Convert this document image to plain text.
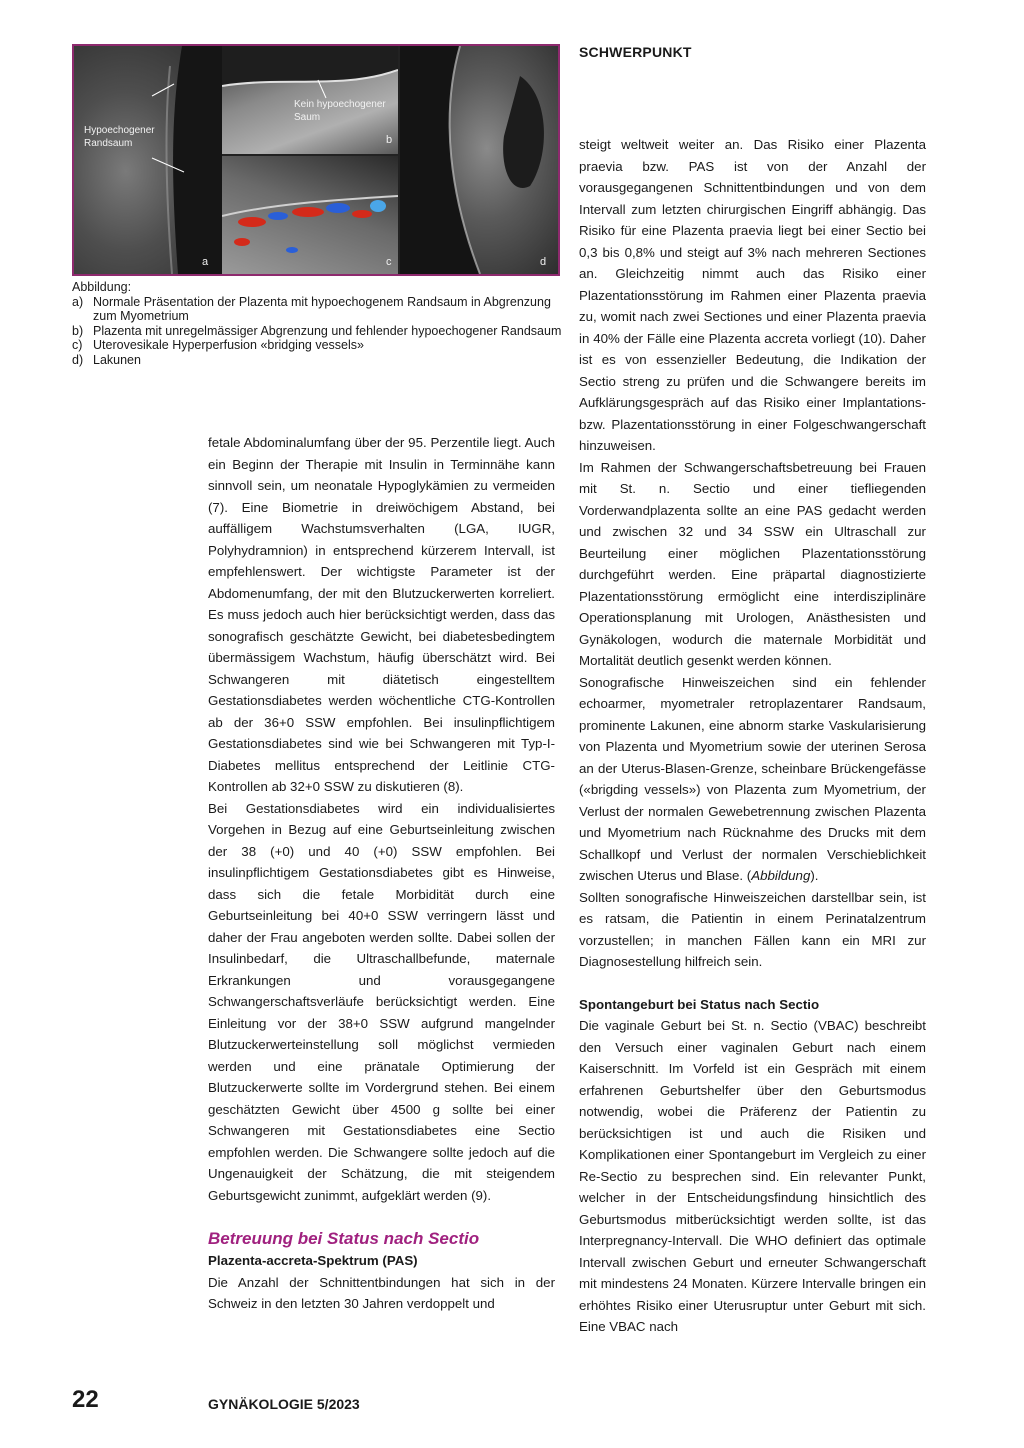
Hypoechogener
Randsaum
a
Kein hypoechogener
Saum
b
c	d

Abbildung:

a) Normale Präsentation der Plazenta mit hypoechogenem Randsaum in Abgrenzung zum Myometrium
b) Plazenta mit unregelmässiger Abgrenzung und fehlender hypoechogener Randsaum
c) Uterovesikale Hyperperfusion «bridging vessels»
d) Lakunen
SCHWERPUNKT

fetale Abdominalumfang über der 95. Perzentile liegt. Auch ein Beginn der Therapie mit Insulin in Terminnähe kann sinnvoll sein, um neonatale Hypoglykämien zu vermeiden (7). Eine Biometrie in dreiwöchigem Abstand, bei auffälligem Wachstumsverhalten (LGA, IUGR, Polyhydramnion) in entsprechend kürzerem Intervall, ist empfehlenswert. Der wichtigste Parameter ist der Abdomenumfang, der mit den Blutzuckerwerten korreliert. Es muss jedoch auch hier berücksichtigt werden, dass das sonografisch geschätzte Gewicht, bei diabetesbedingtem übermässigem Wachstum, häufig überschätzt wird. Bei Schwangeren mit diätetisch eingestelltem Gestationsdiabetes werden wöchentliche CTG-Kontrollen ab der 36+0 SSW empfohlen. Bei insulinpflichtigem Gestationsdiabetes sind wie bei Schwangeren mit Typ-I-Diabetes mellitus entsprechend der Leitlinie CTG-Kontrollen ab 32+0 SSW zu diskutieren (8).

Bei Gestationsdiabetes wird ein individualisiertes Vorgehen in Bezug auf eine Geburtseinleitung zwischen der 38 (+0) und 40 (+0) SSW empfohlen. Bei insulinpflichtigem Gestationsdiabetes gibt es Hinweise, dass sich die fetale Morbidität durch eine Geburtseinleitung bei 40+0 SSW verringern lässt und daher der Frau angeboten werden sollte. Dabei sollen der Insulinbedarf, die Ultraschallbefunde, maternale Erkrankungen und vorausgegangene Schwangerschaftsverläufe berücksichtigt werden. Eine Einleitung vor der 38+0 SSW aufgrund mangelnder Blutzuckerwerteinstellung soll möglichst vermieden werden und eine pränatale Optimierung der Blutzuckerwerte sollte im Vordergrund stehen. Bei einem geschätzten Gewicht über 4500 g sollte bei einer Schwangeren mit Gestationsdiabetes eine Sectio empfohlen werden. Die Schwangere sollte jedoch auf die Ungenauigkeit der Schätzung, die mit steigendem Geburtsgewicht zunimmt, aufgeklärt werden (9).

Betreuung bei Status nach Sectio

Plazenta-accreta-Spektrum (PAS)

Die Anzahl der Schnittentbindungen hat sich in der Schweiz in den letzten 30 Jahren verdoppelt und

steigt weltweit weiter an. Das Risiko einer Plazenta praevia bzw. PAS ist von der Anzahl der vorausgegangenen Schnittentbindungen und von dem Intervall zum letzten chirurgischen Eingriff abhängig. Das Risiko für eine Plazenta praevia liegt bei einer Sectio bei 0,3 bis 0,8% und steigt auf 3% nach mehreren Sectiones an. Gleichzeitig nimmt auch das Risiko einer Plazentationsstörung im Rahmen einer Plazenta praevia zu, womit nach zwei Sectiones und einer Plazenta praevia in 40% der Fälle eine Plazenta accreta vorliegt (10). Daher ist es von essenzieller Bedeutung, die Indikation der Sectio streng zu prüfen und die Schwangere bereits im Aufklärungsgespräch auf das Risiko einer Implantations- bzw. Plazentationsstörung in einer Folgeschwangerschaft hinzuweisen.

Im Rahmen der Schwangerschaftsbetreuung bei Frauen mit St. n. Sectio und einer tiefliegenden Vorderwandplazenta sollte an eine PAS gedacht werden und zwischen 32 und 34 SSW ein Ultraschall zur Beurteilung einer möglichen Plazentationsstörung durchgeführt werden. Eine präpartal diagnostizierte Plazentationsstörung ermöglicht eine interdisziplinäre Operationsplanung mit Urologen, Anästhesisten und Gynäkologen, wodurch die maternale Morbidität und Mortalität deutlich gesenkt werden können.

Sonografische Hinweiszeichen sind ein fehlender echoarmer, myometraler retroplazentarer Randsaum, prominente Lakunen, eine abnorm starke Vaskularisierung von Plazenta und Myometrium sowie der uterinen Serosa an der Uterus-Blasen-Grenze, scheinbare Brückengefässe («brigding vessels») von Plazenta zum Myometrium, der Verlust der normalen Gewebetrennung zwischen Plazenta und Myometrium nach Rücknahme des Drucks mit dem Schallkopf und Verlust der normalen Verschieblichkeit zwischen Uterus und Blase. (Abbildung).

Sollten sonografische Hinweiszeichen darstellbar sein, ist es ratsam, die Patientin in einem Perinatalzentrum vorzustellen; in manchen Fällen kann ein MRI zur Diagnosestellung hilfreich sein.

Spontangeburt bei Status nach Sectio

Die vaginale Geburt bei St. n. Sectio (VBAC) beschreibt den Versuch einer vaginalen Geburt nach einem Kaiserschnitt. Im Vorfeld ist ein Gespräch mit einem erfahrenen Geburtshelfer über den Geburtsmodus notwendig, wobei die Präferenz der Patientin zu berücksichtigen ist und auch die Risiken und Komplikationen einer Spontangeburt im Vergleich zu einer Re-Sectio zu besprechen sind. Ein relevanter Punkt, welcher in der Entscheidungsfindung hinsichtlich des Geburtsmodus mitberücksichtigt werden sollte, ist das Interpregnancy-Intervall. Die WHO definiert das optimale Intervall zwischen Geburt und erneuter Schwangerschaft mit mindestens 24 Monaten. Kürzere Intervalle bringen ein erhöhtes Risiko einer Uterusruptur unter Geburt mit sich. Eine VBAC nach

22	GYNÄKOLOGIE 5/2023
